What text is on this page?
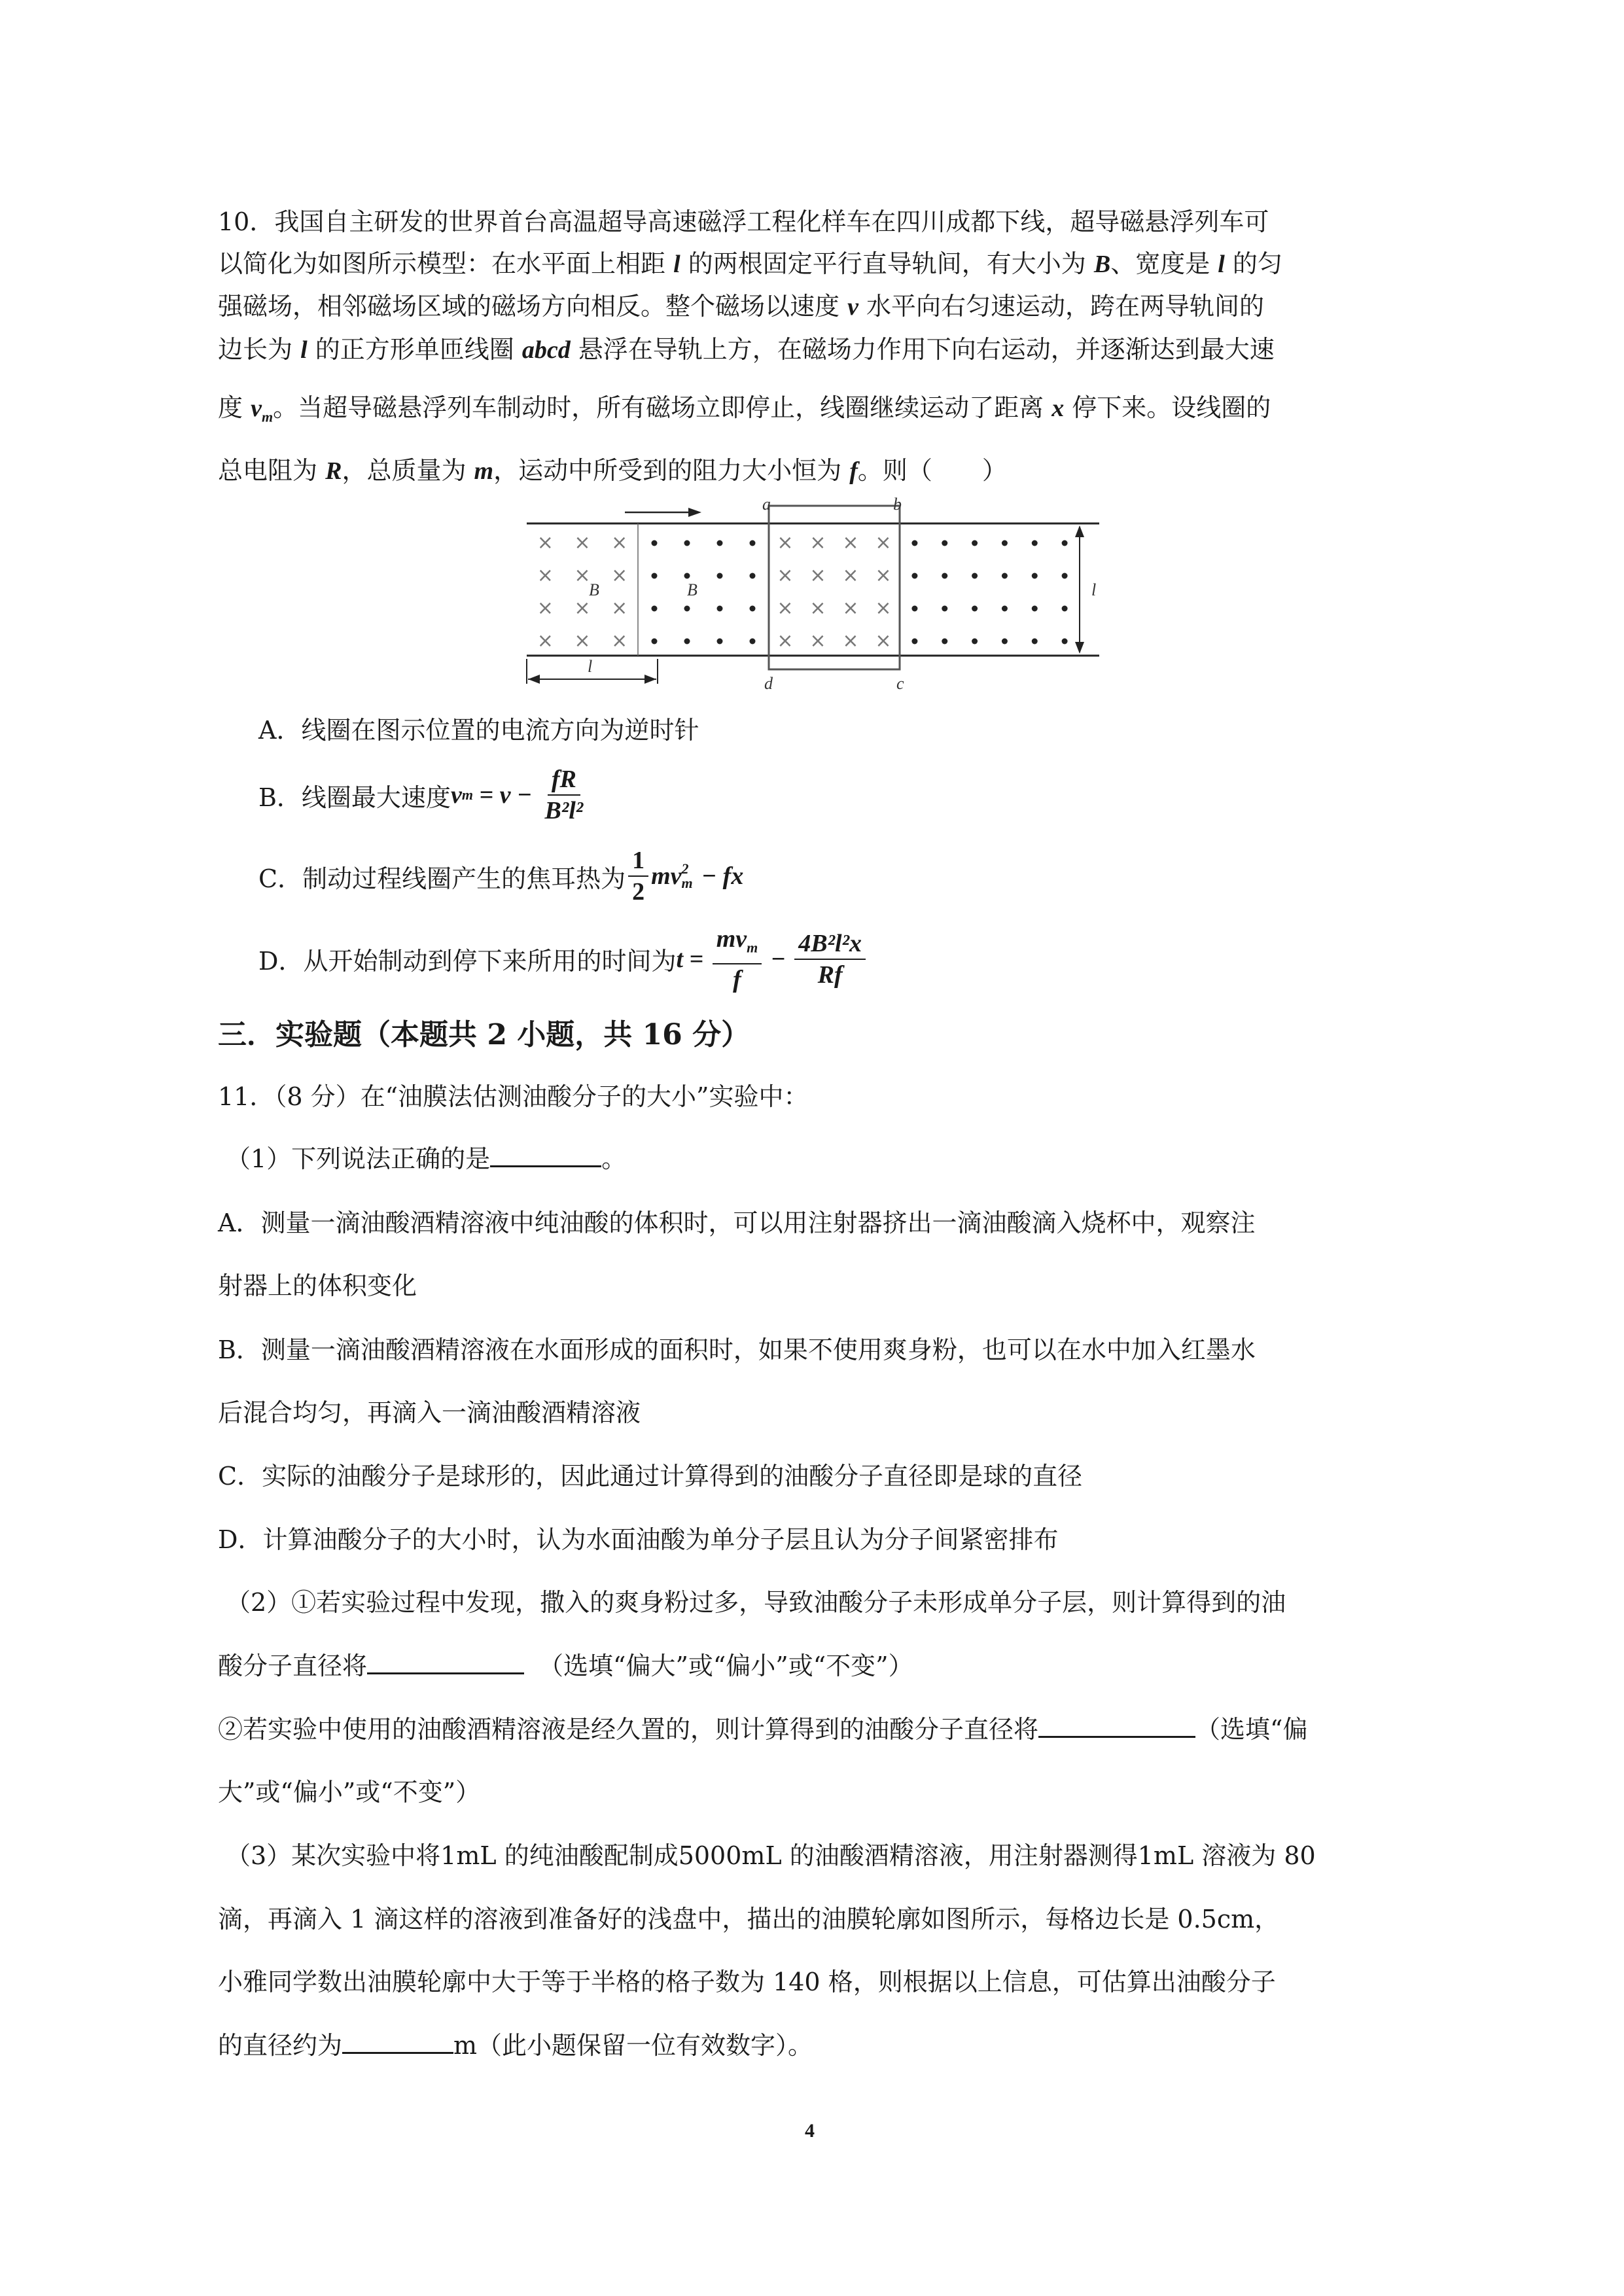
10．我国自主研发的世界首台高温超导高速磁浮工程化样车在四川成都下线，超导磁悬浮列车可
以简化为如图所示模型：在水平面上相距 l 的两根固定平行直导轨间，有大小为 B、宽度是 l 的匀
强磁场，相邻磁场区域的磁场方向相反。整个磁场以速度 v 水平向右匀速运动，跨在两导轨间的
边长为 l 的正方形单匝线圈 abcd 悬浮在导轨上方，在磁场力作用下向右运动，并逐渐达到最大速
度 $v_m$。当超导磁悬浮列车制动时，所有磁场立即停止，线圈继续运动了距离 x 停下来。设线圈的
总电阻为 R，总质量为 m，运动中所受到的阻力大小恒为 f。则（　　）
× × ×
× × ×
× × ×
× × ×
× × × ×
× × × ×
× × × ×
× × × ×
a	b
d	c
B	B	l
l
A．线圈在图示位置的电流方向为逆时针
B．线圈最大速度 v $m = v - \frac{fR}{\text{B²l²}}$
C．制动过程线圈产生的焦耳热为 $\frac{1}{2}$ mv 2
m − fx
D．从开始制动到停下来所用的时间为 $t = \frac{mv_m}{f} - \frac{\text{4B²l²x}}{Rf}$
三．实验题（本题共 2 小题，共 16 分）
11．（8 分）在“油膜法估测油酸分子的大小”实验中：
（1）下列说法正确的是	。
A．测量一滴油酸酒精溶液中纯油酸的体积时，可以用注射器挤出一滴油酸滴入烧杯中，观察注
射器上的体积变化
B．测量一滴油酸酒精溶液在水面形成的面积时，如果不使用爽身粉，也可以在水中加入红墨水
后混合均匀，再滴入一滴油酸酒精溶液
C．实际的油酸分子是球形的，因此通过计算得到的油酸分子直径即是球的直径
D．计算油酸分子的大小时，认为水面油酸为单分子层且认为分子间紧密排布
（2）①若实验过程中发现，撒入的爽身粉过多，导致油酸分子未形成单分子层，则计算得到的油
酸分子直径将	（选填“偏大”或“偏小”或“不变”）
②若实验中使用的油酸酒精溶液是经久置的，则计算得到的油酸分子直径将	（选填“偏
大”或“偏小”或“不变”）
（3）某次实验中将1mL 的纯油酸配制成5000mL 的油酸酒精溶液，用注射器测得1mL 溶液为 80
滴，再滴入 1 滴这样的溶液到准备好的浅盘中，描出的油膜轮廓如图所示，每格边长是 0.5cm，
小雅同学数出油膜轮廓中大于等于半格的格子数为 140 格，则根据以上信息，可估算出油酸分子
的直径约为	m（此小题保留一位有效数字）。
4
